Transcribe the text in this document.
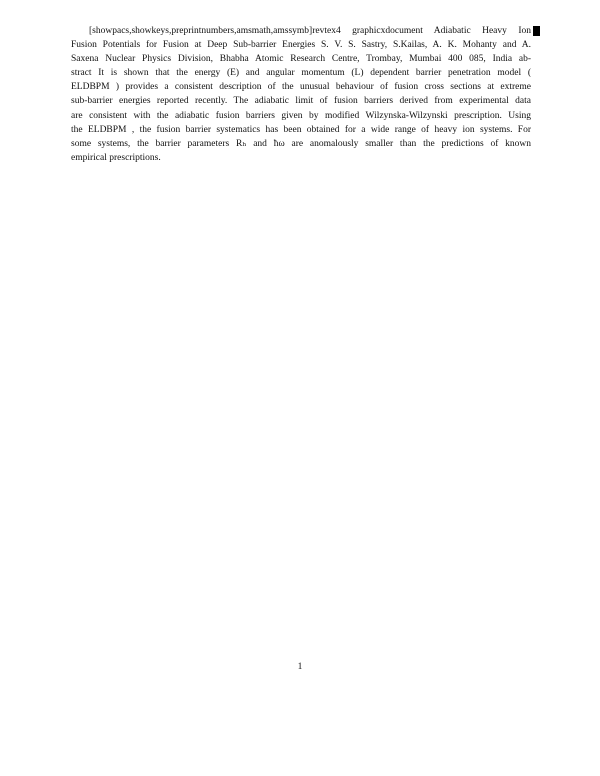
[showpacs,showkeys,preprintnumbers,amsmath,amssymb]revtex4 graphicxdocument Adiabatic Heavy Ion
Fusion Potentials for Fusion at Deep Sub-barrier Energies S. V. S. Sastry, S.Kailas, A. K. Mohanty and A.
Saxena Nuclear Physics Division, Bhabha Atomic Research Centre, Trombay, Mumbai 400 085, India ab-
stract It is shown that the energy (E) and angular momentum (L) dependent barrier penetration model (
ELDBPM ) provides a consistent description of the unusual behaviour of fusion cross sections at extreme
sub-barrier energies reported recently. The adiabatic limit of fusion barriers derived from experimental data
are consistent with the adiabatic fusion barriers given by modified Wilzynska-Wilzynski prescription. Using
the ELDBPM , the fusion barrier systematics has been obtained for a wide range of heavy ion systems. For
some systems, the barrier parameters Rₕ and ħω are anomalously smaller than the predictions of known
empirical prescriptions.
1
